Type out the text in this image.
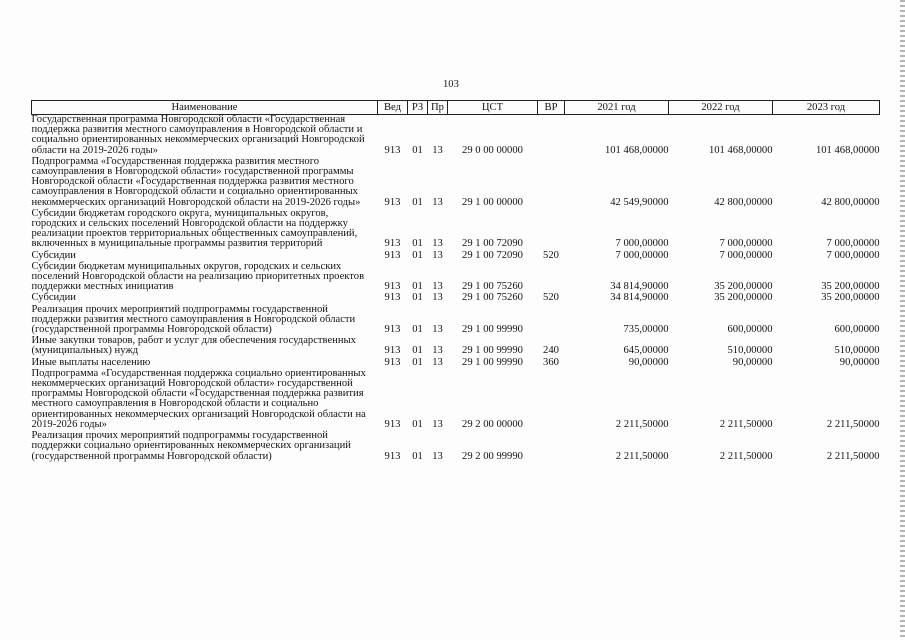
103
Наименование	Вед	РЗ	Пр	ЦСТ	ВР	2021 год	2022 год	2023 год
Государственная программа Новгородской области «Государственная поддержка развития местного самоуправления в Новгородской области и социально ориентированных некоммерческих организаций Новгородской области на 2019-2026 годы»	913	01	13	29 0 00 00000		101 468,00000	101 468,00000	101 468,00000
Подпрограмма «Государственная поддержка развития местного самоуправления в Новгородской области» государственной программы Новгородской области «Государственная поддержка развития местного самоуправления в Новгородской области и социально ориентированных некоммерческих организаций Новгородской области на 2019-2026 годы»	913	01	13	29 1 00 00000		42 549,90000	42 800,00000	42 800,00000
Субсидии бюджетам городского округа, муниципальных округов, городских и сельских поселений Новгородской области на поддержку реализации проектов территориальных общественных самоуправлений, включенных в муниципальные программы развития территорий	913	01	13	29 1 00 72090		7 000,00000	7 000,00000	7 000,00000
Субсидии	913	01	13	29 1 00 72090	520	7 000,00000	7 000,00000	7 000,00000
Субсидии бюджетам муниципальных округов, городских и сельских поселений Новгородской области на реализацию приоритетных проектов поддержки местных инициатив	913	01	13	29 1 00 75260		34 814,90000	35 200,00000	35 200,00000
Субсидии	913	01	13	29 1 00 75260	520	34 814,90000	35 200,00000	35 200,00000
Реализация прочих мероприятий подпрограммы государственной поддержки развития местного самоуправления в Новгородской области (государственной программы Новгородской области)	913	01	13	29 1 00 99990		735,00000	600,00000	600,00000
Иные закупки товаров, работ и услуг для обеспечения государственных (муниципальных) нужд	913	01	13	29 1 00 99990	240	645,00000	510,00000	510,00000
Иные выплаты населению	913	01	13	29 1 00 99990	360	90,00000	90,00000	90,00000
Подпрограмма «Государственная поддержка социально ориентированных некоммерческих организаций Новгородской области» государственной программы Новгородской области «Государственная поддержка развития местного самоуправления в Новгородской области и социально ориентированных некоммерческих организаций Новгородской области на 2019-2026 годы»	913	01	13	29 2 00 00000		2 211,50000	2 211,50000	2 211,50000
Реализация прочих мероприятий подпрограммы государственной поддержки социально ориентированных некоммерческих организаций (государственной программы Новгородской области)	913	01	13	29 2 00 99990		2 211,50000	2 211,50000	2 211,50000
